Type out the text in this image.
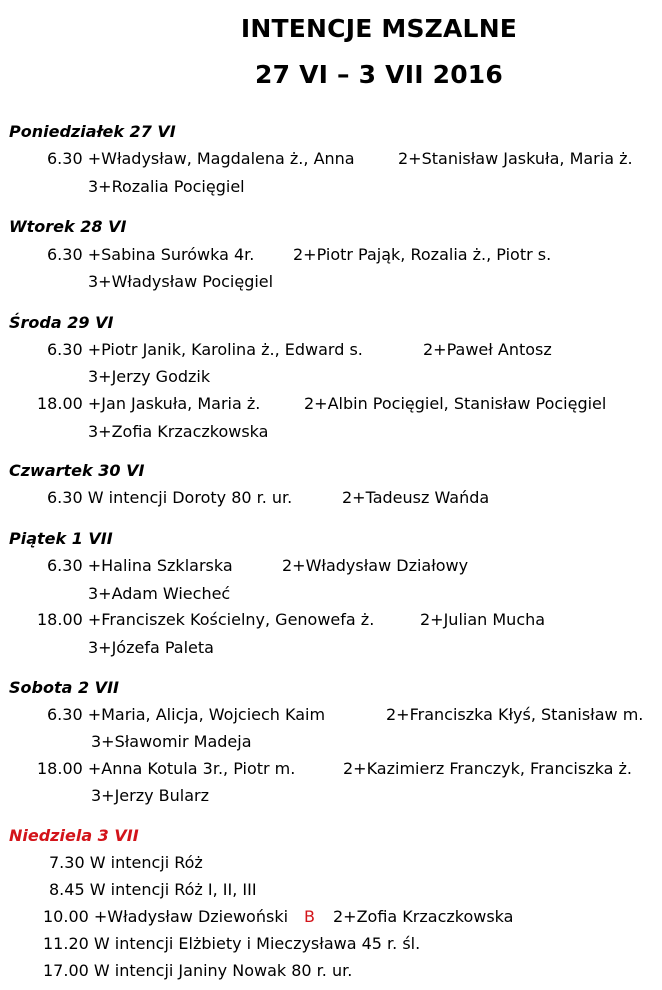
INTENCJE MSZALNE
27 VI – 3 VII 2016
Poniedziałek 27 VI
6.30 +Władysław, Magdalena ż., Anna	2+Stanisław Jaskuła, Maria ż.
3+Rozalia Pocięgiel
Wtorek 28 VI
6.30 +Sabina Surówka 4r. 2+Piotr Pająk, Rozalia ż., Piotr s.
3+Władysław Pocięgiel
Środa 29 VI
6.30 +Piotr Janik, Karolina ż., Edward s.	2+Paweł Antosz
3+Jerzy Godzik
18.00 +Jan Jaskuła, Maria ż.	2+Albin Pocięgiel, Stanisław Pocięgiel
3+Zofia Krzaczkowska
Czwartek 30 VI
6.30 W intencji Doroty 80 r. ur.	2+Tadeusz Wańda
Piątek 1 VII
6.30 +Halina Szklarska	2+Władysław Działowy
3+Adam Wiecheć
18.00 +Franciszek Kościelny, Genowefa ż.	2+Julian Mucha
3+Józefa Paleta
Sobota 2 VII
6.30 +Maria, Alicja, Wojciech Kaim	2+Franciszka Kłyś, Stanisław m.
3+Sławomir Madeja
18.00 +Anna Kotula 3r., Piotr m.	2+Kazimierz Franczyk, Franciszka ż.
3+Jerzy Bularz
Niedziela 3 VII
7.30 W intencji Róż
8.45 W intencji Róż I, II, III
10.00 +Władysław Dziewoński B 2+Zofia Krzaczkowska
11.20 W intencji Elżbiety i Mieczysława 45 r. śl.
17.00 W intencji Janiny Nowak 80 r. ur.
